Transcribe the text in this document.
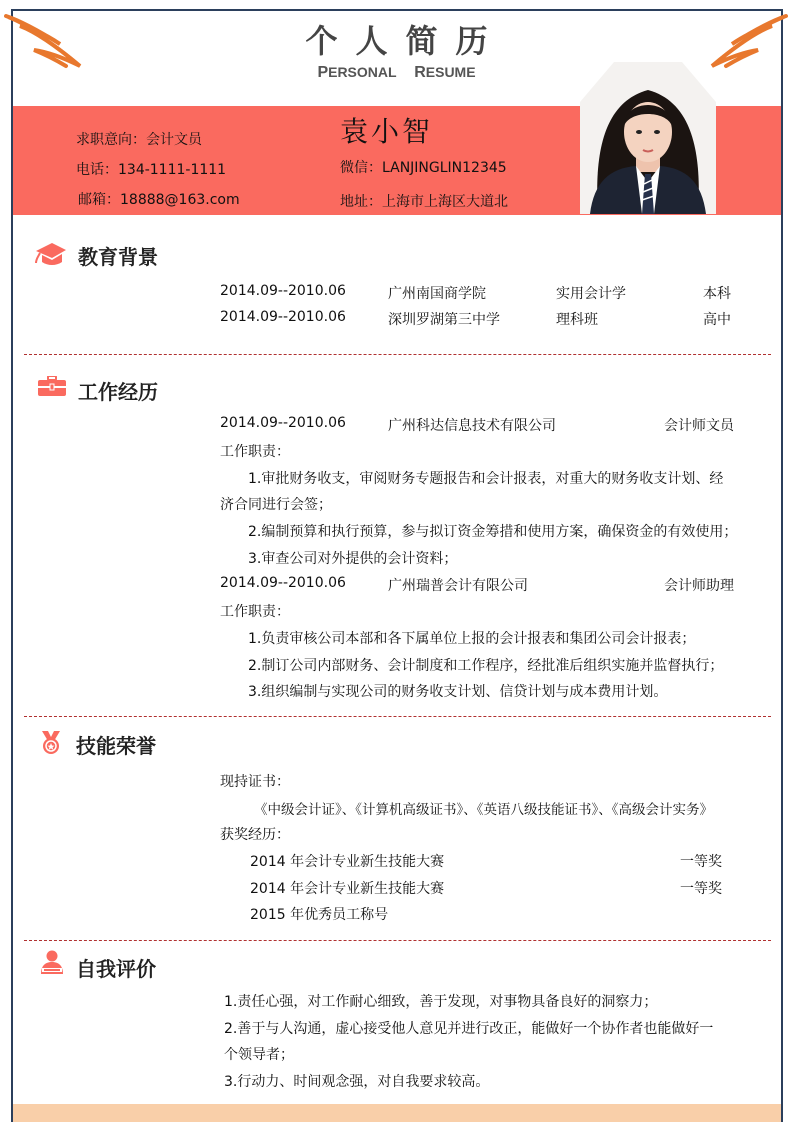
个人简历
PERSONAL RESUME
袁小智
求职意向：会计文员
电话：134-1111-1111
邮箱：18888@163.com
微信：LANJINGLIN12345
地址：上海市上海区大道北
教育背景
2014.09--2010.06	广州南国商学院	实用会计学	本科
2014.09--2010.06	深圳罗湖第三中学	理科班	高中
工作经历
2014.09--2010.06	广州科达信息技术有限公司	会计师文员
工作职责：
1.审批财务收支，审阅财务专题报告和会计报表，对重大的财务收支计划、经
济合同进行会签；
2.编制预算和执行预算，参与拟订资金筹措和使用方案，确保资金的有效使用；
3.审查公司对外提供的会计资料；
2014.09--2010.06	广州瑞普会计有限公司	会计师助理
工作职责：
1.负责审核公司本部和各下属单位上报的会计报表和集团公司会计报表；
2.制订公司内部财务、会计制度和工作程序，经批准后组织实施并监督执行；
3.组织编制与实现公司的财务收支计划、信贷计划与成本费用计划。
技能荣誉
现持证书：
《中级会计证》、《计算机高级证书》、《英语八级技能证书》、《高级会计实务》
获奖经历：
2014 年会计专业新生技能大赛	一等奖
2014 年会计专业新生技能大赛	一等奖
2015 年优秀员工称号
自我评价
1.责任心强，对工作耐心细致，善于发现，对事物具备良好的洞察力；
2.善于与人沟通，虚心接受他人意见并进行改正，能做好一个协作者也能做好一
个领导者；
3.行动力、时间观念强，对自我要求较高。
